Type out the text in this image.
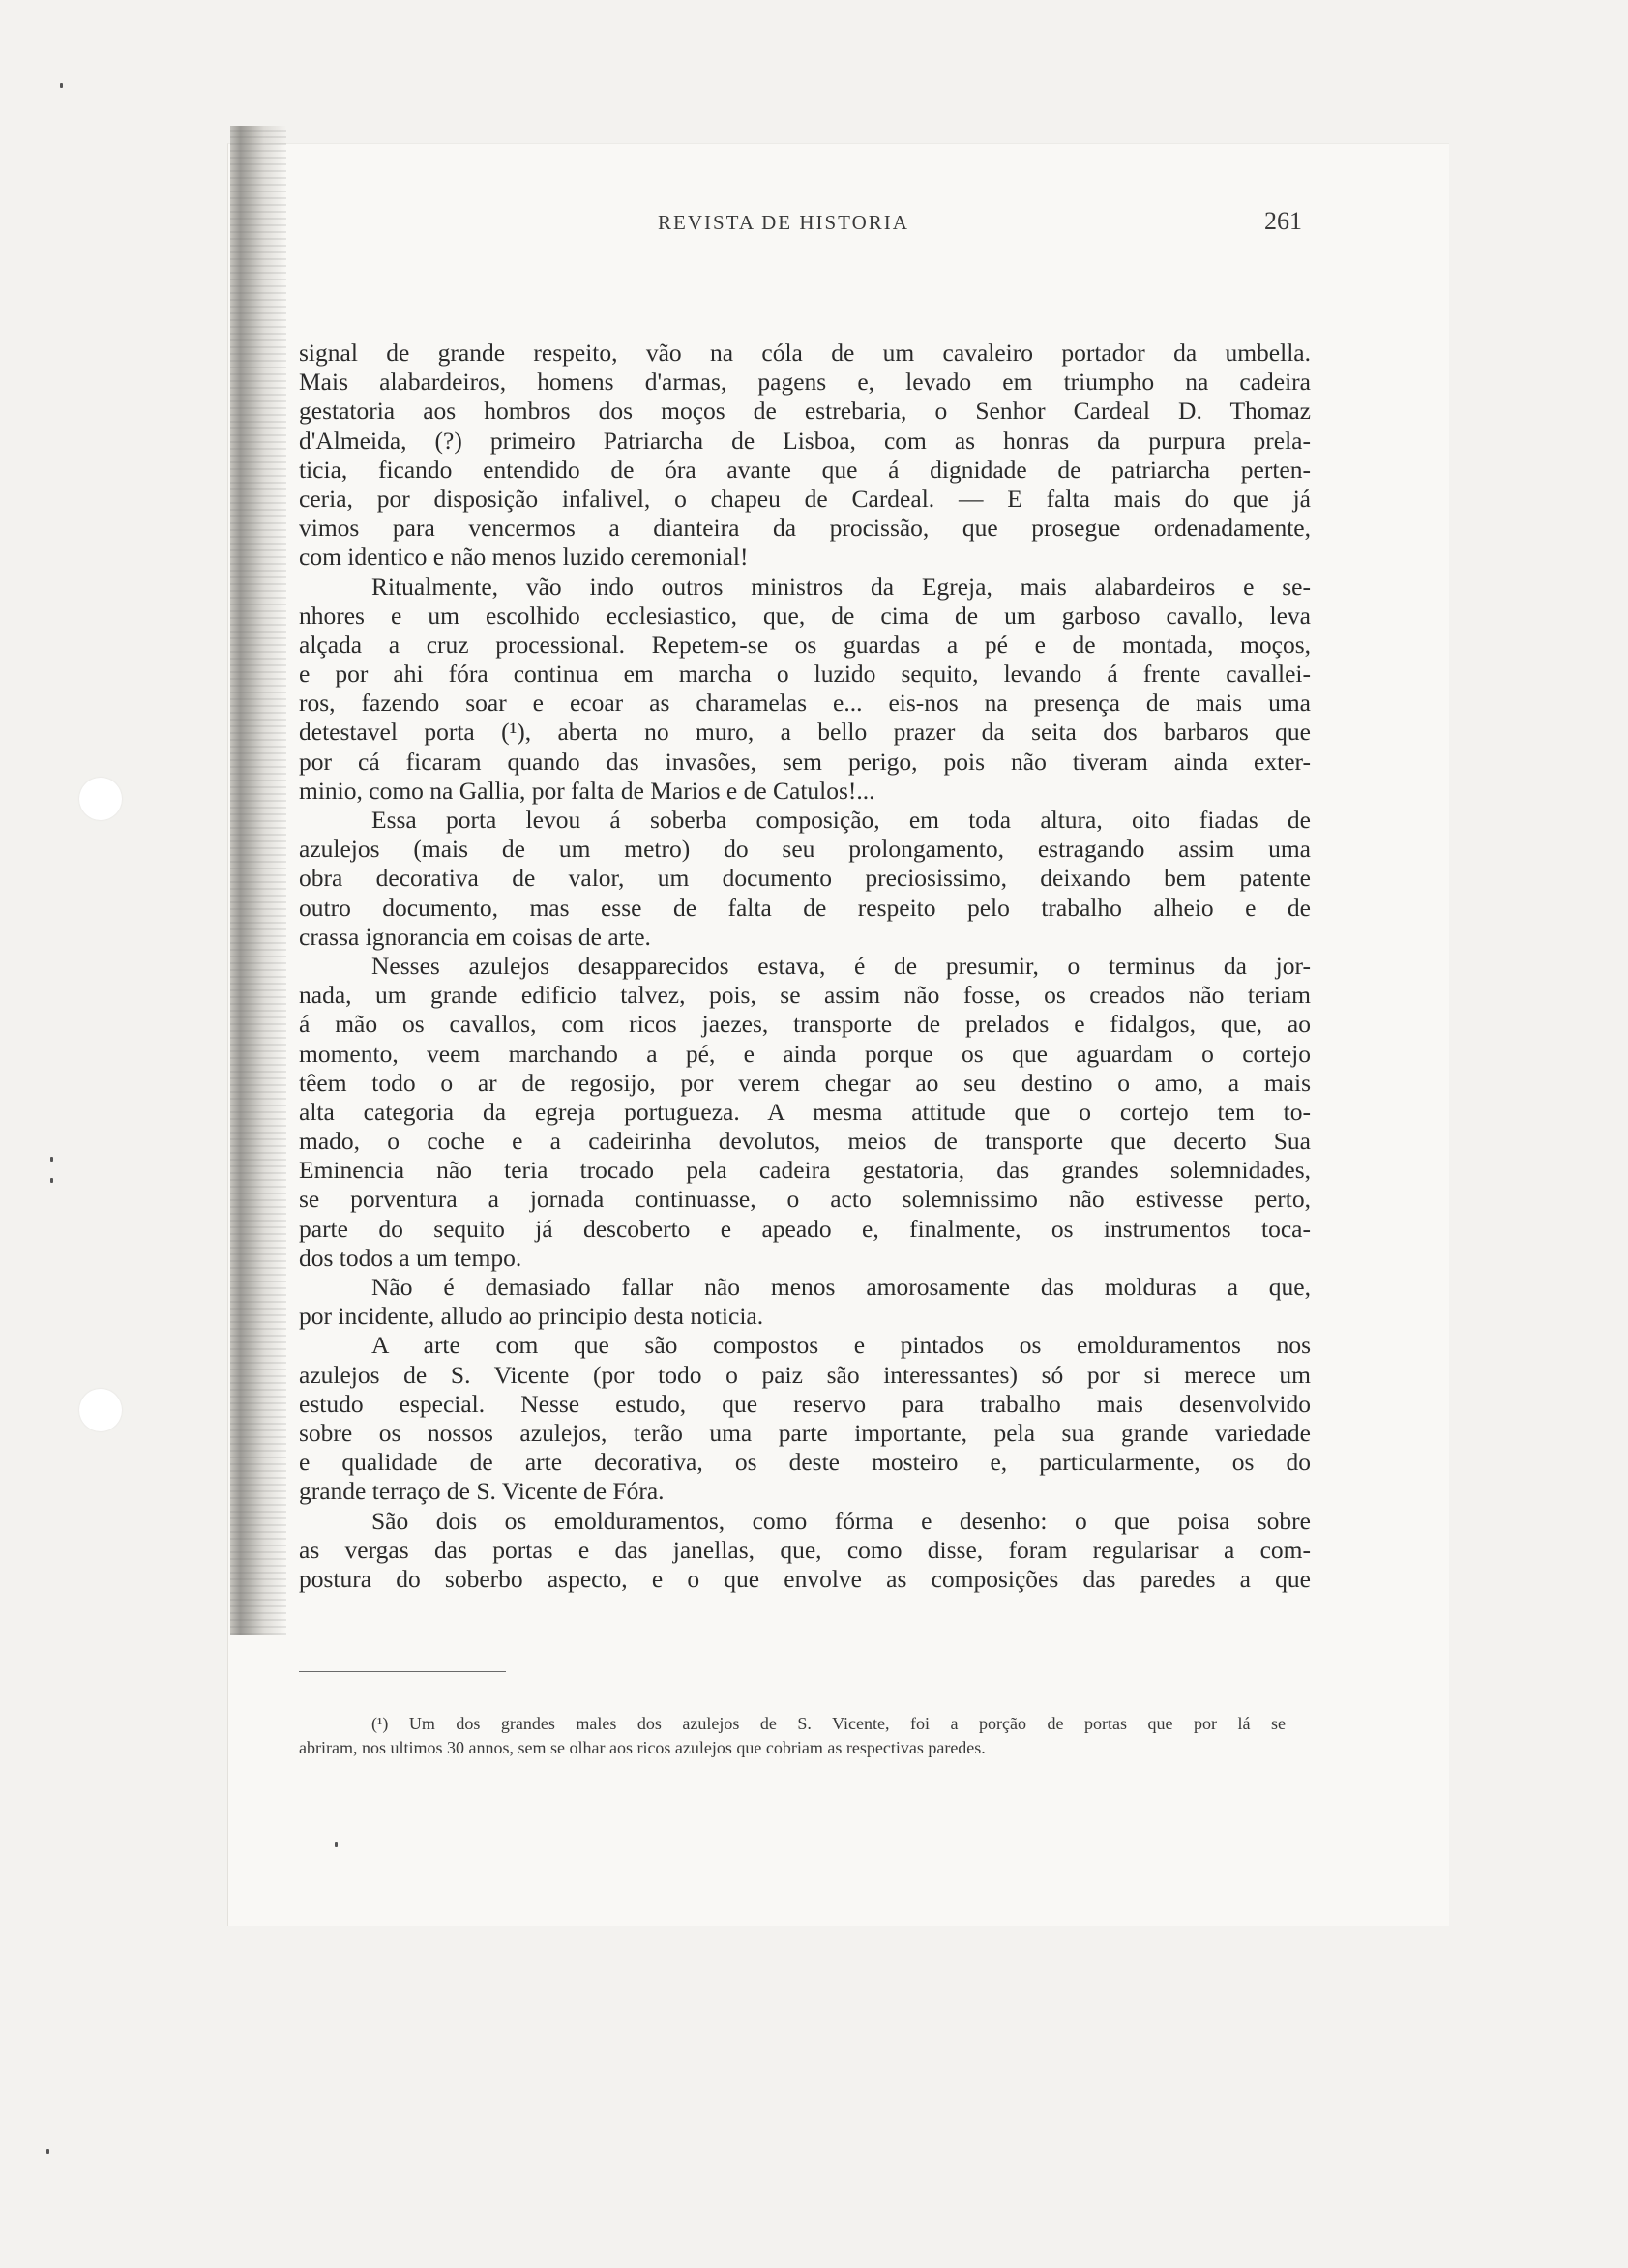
REVISTA DE HISTORIA	261
signal de grande respeito, vão na cóla de um cavaleiro portador da umbella.
Mais alabardeiros, homens d'armas, pagens e, levado em triumpho na cadeira
gestatoria aos hombros dos moços de estrebaria, o Senhor Cardeal D. Thomaz
d'Almeida, (?) primeiro Patriarcha de Lisboa, com as honras da purpura prela-
ticia, ficando entendido de óra avante que á dignidade de patriarcha perten-
ceria, por disposição infalivel, o chapeu de Cardeal. — E falta mais do que já
vimos para vencermos a dianteira da procissão, que prosegue ordenadamente,
com identico e não menos luzido ceremonial!
Ritualmente, vão indo outros ministros da Egreja, mais alabardeiros e se-
nhores e um escolhido ecclesiastico, que, de cima de um garboso cavallo, leva
alçada a cruz processional. Repetem-se os guardas a pé e de montada, moços,
e por ahi fóra continua em marcha o luzido sequito, levando á frente cavallei-
ros, fazendo soar e ecoar as charamelas e... eis-nos na presença de mais uma
detestavel porta (¹), aberta no muro, a bello prazer da seita dos barbaros que
por cá ficaram quando das invasões, sem perigo, pois não tiveram ainda exter-
minio, como na Gallia, por falta de Marios e de Catulos!...
Essa porta levou á soberba composição, em toda altura, oito fiadas de
azulejos (mais de um metro) do seu prolongamento, estragando assim uma
obra decorativa de valor, um documento preciosissimo, deixando bem patente
outro documento, mas esse de falta de respeito pelo trabalho alheio e de
crassa ignorancia em coisas de arte.
Nesses azulejos desapparecidos estava, é de presumir, o terminus da jor-
nada, um grande edificio talvez, pois, se assim não fosse, os creados não teriam
á mão os cavallos, com ricos jaezes, transporte de prelados e fidalgos, que, ao
momento, veem marchando a pé, e ainda porque os que aguardam o cortejo
têem todo o ar de regosijo, por verem chegar ao seu destino o amo, a mais
alta categoria da egreja portugueza. A mesma attitude que o cortejo tem to-
mado, o coche e a cadeirinha devolutos, meios de transporte que decerto Sua
Eminencia não teria trocado pela cadeira gestatoria, das grandes solemnidades,
se porventura a jornada continuasse, o acto solemnissimo não estivesse perto,
parte do sequito já descoberto e apeado e, finalmente, os instrumentos toca-
dos todos a um tempo.
Não é demasiado fallar não menos amorosamente das molduras a que,
por incidente, alludo ao principio desta noticia.
A arte com que são compostos e pintados os emolduramentos nos
azulejos de S. Vicente (por todo o paiz são interessantes) só por si merece um
estudo especial. Nesse estudo, que reservo para trabalho mais desenvolvido
sobre os nossos azulejos, terão uma parte importante, pela sua grande variedade
e qualidade de arte decorativa, os deste mosteiro e, particularmente, os do
grande terraço de S. Vicente de Fóra.
São dois os emolduramentos, como fórma e desenho: o que poisa sobre
as vergas das portas e das janellas, que, como disse, foram regularisar a com-
postura do soberbo aspecto, e o que envolve as composições das paredes a que
(¹) Um dos grandes males dos azulejos de S. Vicente, foi a porção de portas que por lá se
abriram, nos ultimos 30 annos, sem se olhar aos ricos azulejos que cobriam as respectivas paredes.
